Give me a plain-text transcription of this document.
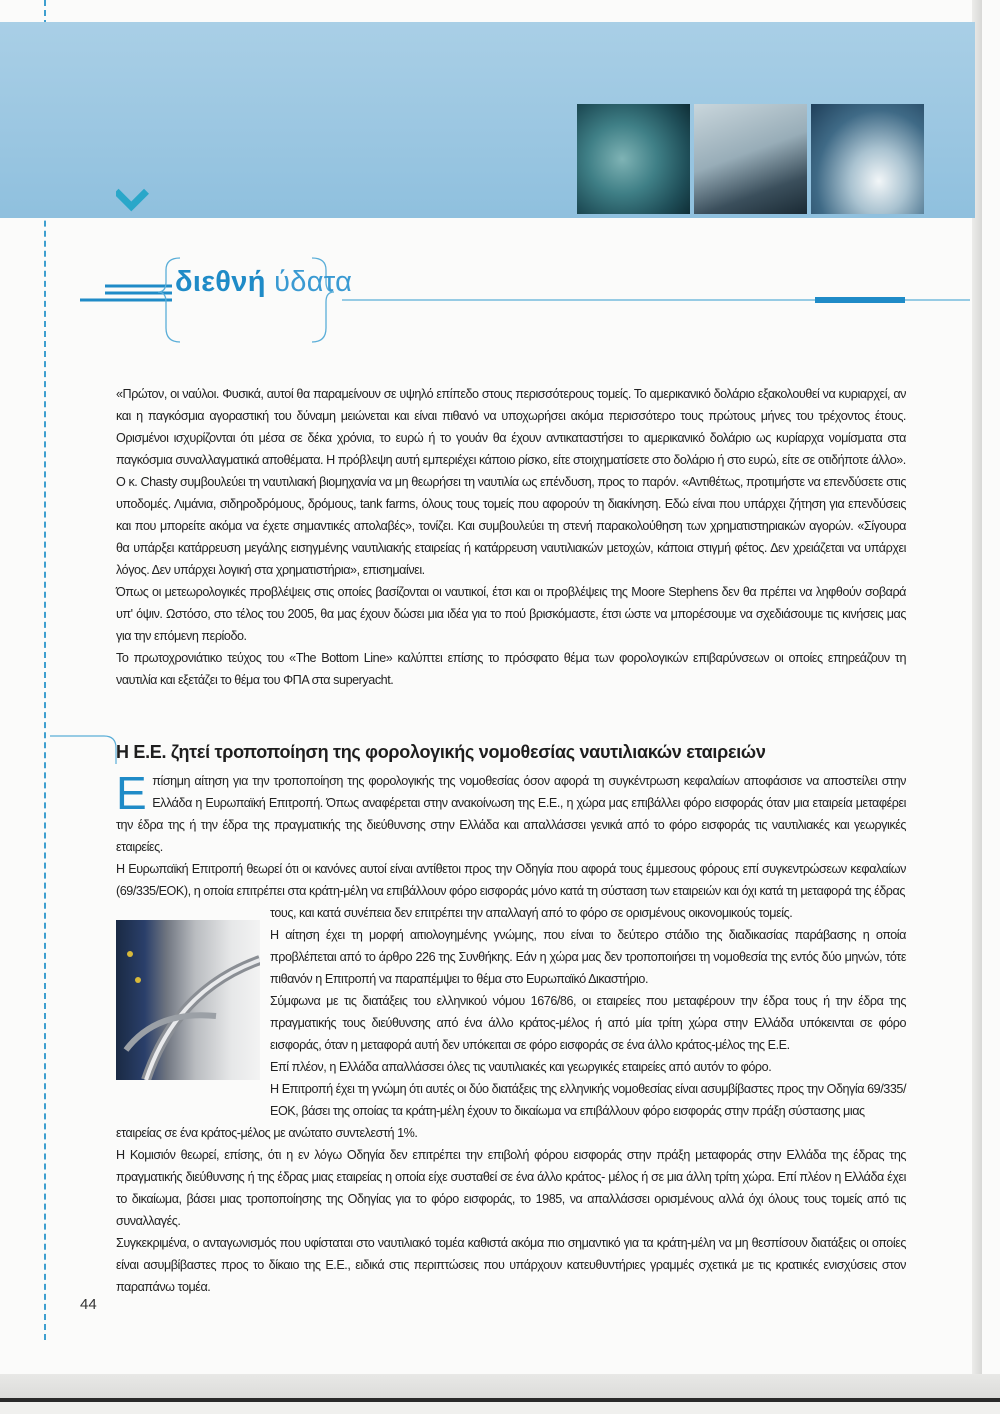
διεθνή ύδατα

«Πρώτον, οι ναύλοι. Φυσικά, αυτοί θα παραμείνουν σε υψηλό επίπεδο στους περισσότερους τομείς. Το αμερικανικό δολάριο εξακολουθεί να κυριαρχεί, αν και η παγκόσμια αγοραστική του δύναμη μειώνεται και είναι πιθανό να υποχωρήσει ακόμα περισσότερο τους πρώτους μήνες του τρέχοντος έτους. Ορισμένοι ισχυρίζονται ότι μέσα σε δέκα χρόνια, το ευρώ ή το γουάν θα έχουν αντικαταστήσει το αμερικανικό δολάριο ως κυρίαρχα νομίσματα στα παγκόσμια συναλλαγματικά αποθέματα. Η πρόβλεψη αυτή εμπεριέχει κάποιο ρίσκο, είτε στοιχηματίσετε στο δολάριο ή στο ευρώ, είτε σε οτιδήποτε άλλο».

Ο κ. Chasty συμβουλεύει τη ναυτιλιακή βιομηχανία να μη θεωρήσει τη ναυτιλία ως επένδυση, προς το παρόν. «Αντιθέτως, προτιμήστε να επενδύσετε στις υποδομές. Λιμάνια, σιδηροδρόμους, δρόμους, tank farms, όλους τους τομείς που αφορούν τη διακίνηση. Εδώ είναι που υπάρχει ζήτηση για επενδύσεις και που μπορείτε ακόμα να έχετε σημαντικές απολαβές», τονίζει. Και συμβουλεύει τη στενή παρακολούθηση των χρηματιστηριακών αγορών. «Σίγουρα θα υπάρξει κατάρρευση μεγάλης εισηγμένης ναυτιλιακής εταιρείας ή κατάρρευση ναυτιλιακών μετοχών, κάποια στιγμή φέτος. Δεν χρειάζεται να υπάρχει λόγος. Δεν υπάρχει λογική στα χρηματιστήρια», επισημαίνει.

Όπως οι μετεωρολογικές προβλέψεις στις οποίες βασίζονται οι ναυτικοί, έτσι και οι προβλέψεις της Moore Stephens δεν θα πρέπει να ληφθούν σοβαρά υπ' όψιν. Ωστόσο, στο τέλος του 2005, θα μας έχουν δώσει μια ιδέα για το πού βρισκόμαστε, έτσι ώστε να μπορέσουμε να σχεδιάσουμε τις κινήσεις μας για την επόμενη περίοδο.

Το πρωτοχρονιάτικο τεύχος του «The Bottom Line» καλύπτει επίσης το πρόσφατο θέμα των φορολογικών επιβαρύνσεων οι οποίες επηρεάζουν τη ναυτιλία και εξετάζει το θέμα του ΦΠΑ στα superyacht.

Η Ε.Ε. ζητεί τροποποίηση της φορολογικής νομοθεσίας ναυτιλιακών εταιρειών

Επίσημη αίτηση για την τροποποίηση της φορολογικής της νομοθεσίας όσον αφορά τη συγκέντρωση κεφαλαίων αποφάσισε να αποστείλει στην Ελλάδα η Ευρωπαϊκή Επιτροπή. Όπως αναφέρεται στην ανακοίνωση της Ε.Ε., η χώρα μας επιβάλλει φόρο εισφοράς όταν μια εταιρεία μεταφέρει την έδρα της ή την έδρα της πραγματικής της διεύθυνσης στην Ελλάδα και απαλλάσσει γενικά από το φόρο εισφοράς τις ναυτιλιακές και γεωργικές εταιρείες.

Η Ευρωπαϊκή Επιτροπή θεωρεί ότι οι κανόνες αυτοί είναι αντίθετοι προς την Οδηγία που αφορά τους έμμεσους φόρους επί συγκεντρώσεων κεφαλαίων (69/335/ΕΟΚ), η οποία επιτρέπει στα κράτη-μέλη να επιβάλλουν φόρο εισφοράς μόνο κατά τη σύσταση των εταιρειών και όχι κατά τη μεταφορά της έδρας

τους, και κατά συνέπεια δεν επιτρέπει την απαλλαγή από το φόρο σε ορισμένους οικονομικούς τομείς.

Η αίτηση έχει τη μορφή αιτιολογημένης γνώμης, που είναι το δεύτερο στάδιο της διαδικασίας παράβασης η οποία προβλέπεται από το άρθρο 226 της Συνθήκης. Εάν η χώρα μας δεν τροποποιήσει τη νομοθεσία της εντός δύο μηνών, τότε πιθανόν η Επιτροπή να παραπέμψει το θέμα στο Ευρωπαϊκό Δικαστήριο.

Σύμφωνα με τις διατάξεις του ελληνικού νόμου 1676/86, οι εταιρείες που μεταφέρουν την έδρα τους ή την έδρα της πραγματικής τους διεύθυνσης από ένα άλλο κράτος-μέλος ή από μία τρίτη χώρα στην Ελλάδα υπόκεινται σε φόρο εισφοράς, όταν η μεταφορά αυτή δεν υπόκειται σε φόρο εισφοράς σε ένα άλλο κράτος-μέλος της Ε.Ε.

Επί πλέον, η Ελλάδα απαλλάσσει όλες τις ναυτιλιακές και γεωργικές εταιρείες από αυτόν το φόρο.

Η Επιτροπή έχει τη γνώμη ότι αυτές οι δύο διατάξεις της ελληνικής νομοθεσίας είναι ασυμβίβαστες προς την Οδηγία 69/335/ΕΟΚ, βάσει της οποίας τα κράτη-μέλη έχουν το δικαίωμα να επιβάλλουν φόρο εισφοράς στην πράξη σύστασης μιας

εταιρείας σε ένα κράτος-μέλος με ανώτατο συντελεστή 1%.

Η Κομισιόν θεωρεί, επίσης, ότι η εν λόγω Οδηγία δεν επιτρέπει την επιβολή φόρου εισφοράς στην πράξη μεταφοράς στην Ελλάδα της έδρας της πραγματικής διεύθυνσης ή της έδρας μιας εταιρείας η οποία είχε συσταθεί σε ένα άλλο κράτος- μέλος ή σε μια άλλη τρίτη χώρα. Επί πλέον η Ελλάδα έχει το δικαίωμα, βάσει μιας τροποποίησης της Οδηγίας για το φόρο εισφοράς, το 1985, να απαλλάσσει ορισμένους αλλά όχι όλους τους τομείς από τις συναλλαγές.

Συγκεκριμένα, ο ανταγωνισμός που υφίσταται στο ναυτιλιακό τομέα καθιστά ακόμα πιο σημαντικό για τα κράτη-μέλη να μη θεσπίσουν διατάξεις οι οποίες είναι ασυμβίβαστες προς το δίκαιο της Ε.Ε., ειδικά στις περιπτώσεις που υπάρχουν κατευθυντήριες γραμμές σχετικά με τις κρατικές ενισχύσεις στον παραπάνω τομέα.

44
